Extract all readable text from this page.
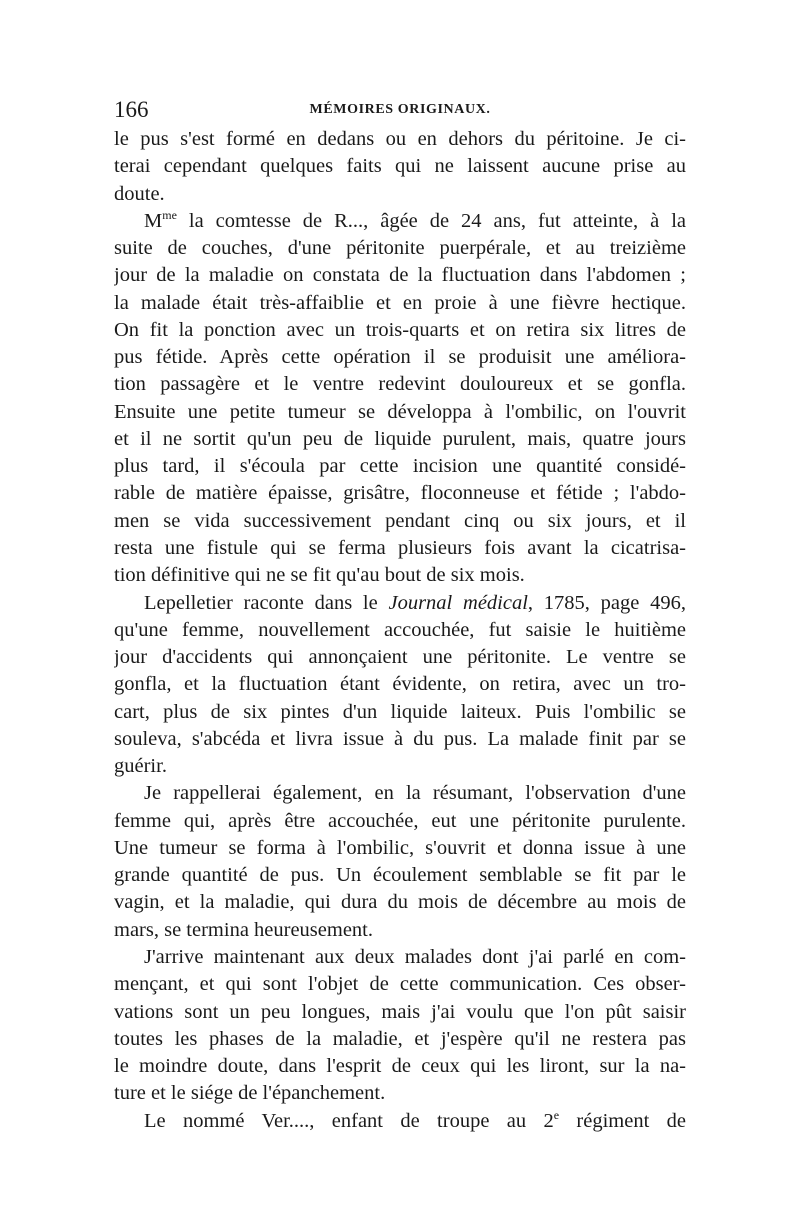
166	MÉMOIRES ORIGINAUX.
le pus s'est formé en dedans ou en dehors du péritoine. Je ci-
terai cependant quelques faits qui ne laissent aucune prise au
doute.
$M^{me}$ la comtesse de R..., âgée de 24 ans, fut atteinte, à la
suite de couches, d'une péritonite puerpérale, et au treizième
jour de la maladie on constata de la fluctuation dans l'abdomen ;
la malade était très-affaiblie et en proie à une fièvre hectique.
On fit la ponction avec un trois-quarts et on retira six litres de
pus fétide. Après cette opération il se produisit une améliora-
tion passagère et le ventre redevint douloureux et se gonfla.
Ensuite une petite tumeur se développa à l'ombilic, on l'ouvrit
et il ne sortit qu'un peu de liquide purulent, mais, quatre jours
plus tard, il s'écoula par cette incision une quantité considé-
rable de matière épaisse, grisâtre, floconneuse et fétide ; l'abdo-
men se vida successivement pendant cinq ou six jours, et il
resta une fistule qui se ferma plusieurs fois avant la cicatrisa-
tion définitive qui ne se fit qu'au bout de six mois.
Lepelletier raconte dans le Journal médical, 1785, page 496,
qu'une femme, nouvellement accouchée, fut saisie le huitième
jour d'accidents qui annonçaient une péritonite. Le ventre se
gonfla, et la fluctuation étant évidente, on retira, avec un tro-
cart, plus de six pintes d'un liquide laiteux. Puis l'ombilic se
souleva, s'abcéda et livra issue à du pus. La malade finit par se
guérir.
Je rappellerai également, en la résumant, l'observation d'une
femme qui, après être accouchée, eut une péritonite purulente.
Une tumeur se forma à l'ombilic, s'ouvrit et donna issue à une
grande quantité de pus. Un écoulement semblable se fit par le
vagin, et la maladie, qui dura du mois de décembre au mois de
mars, se termina heureusement.
J'arrive maintenant aux deux malades dont j'ai parlé en com-
mençant, et qui sont l'objet de cette communication. Ces obser-
vations sont un peu longues, mais j'ai voulu que l'on pût saisir
toutes les phases de la maladie, et j'espère qu'il ne restera pas
le moindre doute, dans l'esprit de ceux qui les liront, sur la na-
ture et le siége de l'épanchement.
Le nommé Ver...., enfant de troupe au 2e régiment de
